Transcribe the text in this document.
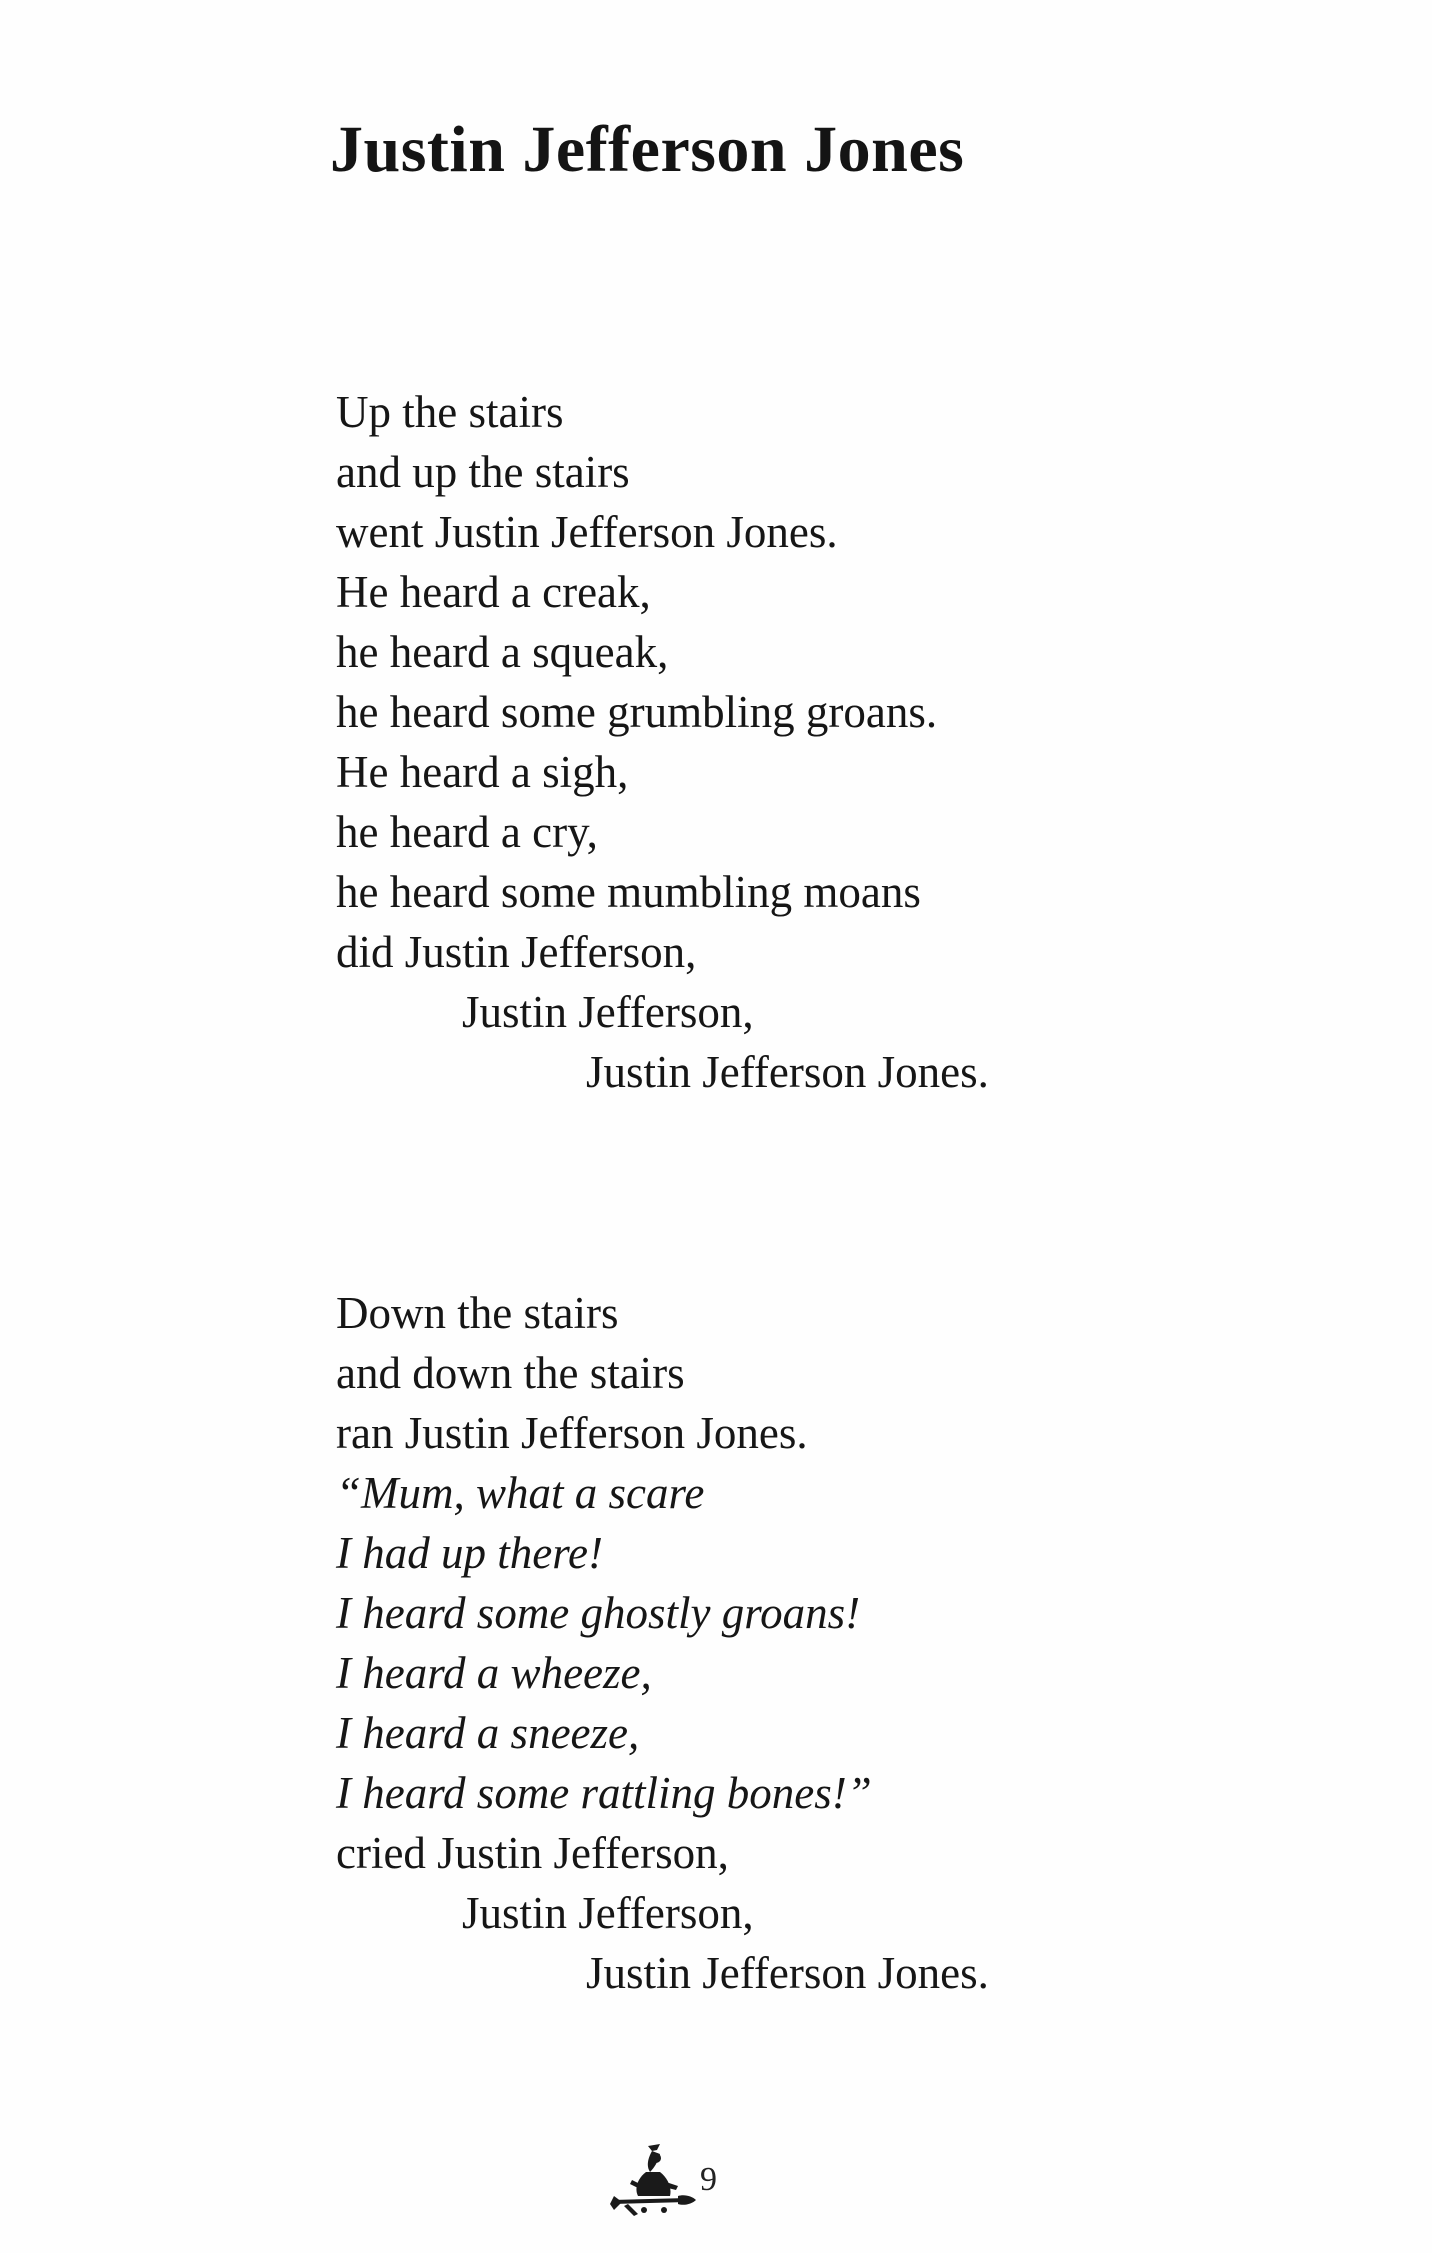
Justin Jefferson Jones
Up the stairs
and up the stairs
went Justin Jefferson Jones.
He heard a creak,
he heard a squeak,
he heard some grumbling groans.
He heard a sigh,
he heard a cry,
he heard some mumbling moans
did Justin Jefferson,
Justin Jefferson,
Justin Jefferson Jones.
Down the stairs
and down the stairs
ran Justin Jefferson Jones.
“Mum, what a scare
I had up there!
I heard some ghostly groans!
I heard a wheeze,
I heard a sneeze,
I heard some rattling bones!”
cried Justin Jefferson,
Justin Jefferson,
Justin Jefferson Jones.
9
